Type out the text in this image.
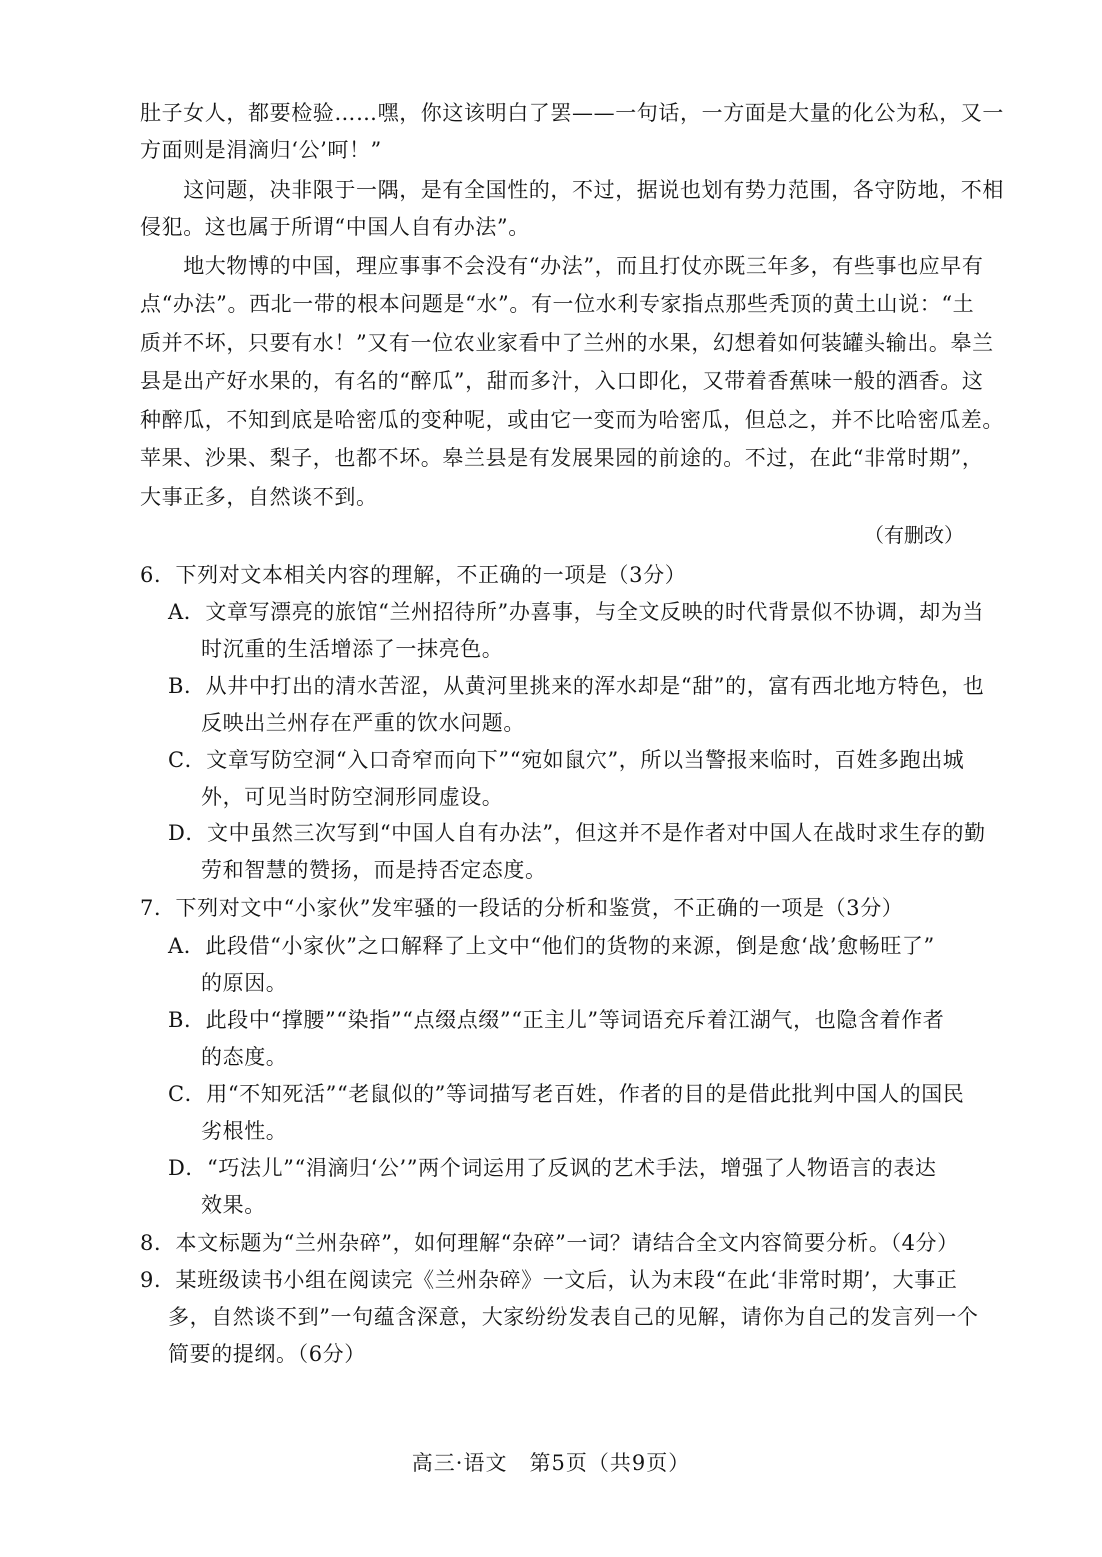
肚子女人，都要检验……嘿，你这该明白了罢——一句话，一方面是大量的化公为私，又一
方面则是涓滴归‘公’呵！”
　　这问题，决非限于一隅，是有全国性的，不过，据说也划有势力范围，各守防地，不相
侵犯。这也属于所谓“中国人自有办法”。
　　地大物博的中国，理应事事不会没有“办法”，而且打仗亦既三年多，有些事也应早有
点“办法”。西北一带的根本问题是“水”。有一位水利专家指点那些秃顶的黄土山说：“土
质并不坏，只要有水！”又有一位农业家看中了兰州的水果，幻想着如何装罐头输出。皋兰
县是出产好水果的，有名的“醉瓜”，甜而多汁，入口即化，又带着香蕉味一般的酒香。这
种醉瓜，不知到底是哈密瓜的变种呢，或由它一变而为哈密瓜，但总之，并不比哈密瓜差。
苹果、沙果、梨子，也都不坏。皋兰县是有发展果园的前途的。不过，在此“非常时期”，
大事正多，自然谈不到。
（有删改）
6．下列对文本相关内容的理解，不正确的一项是（3分）
A．文章写漂亮的旅馆“兰州招待所”办喜事，与全文反映的时代背景似不协调，却为当
时沉重的生活增添了一抹亮色。
B．从井中打出的清水苦涩，从黄河里挑来的浑水却是“甜”的，富有西北地方特色，也
反映出兰州存在严重的饮水问题。
C．文章写防空洞“入口奇窄而向下”“宛如鼠穴”，所以当警报来临时，百姓多跑出城
外，可见当时防空洞形同虚设。
D．文中虽然三次写到“中国人自有办法”，但这并不是作者对中国人在战时求生存的勤
劳和智慧的赞扬，而是持否定态度。
7．下列对文中“小家伙”发牢骚的一段话的分析和鉴赏，不正确的一项是（3分）
A．此段借“小家伙”之口解释了上文中“他们的货物的来源，倒是愈‘战’愈畅旺了”
的原因。
B．此段中“撑腰”“染指”“点缀点缀”“正主儿”等词语充斥着江湖气，也隐含着作者
的态度。
C．用“不知死活”“老鼠似的”等词描写老百姓，作者的目的是借此批判中国人的国民
劣根性。
D．“巧法儿”“涓滴归‘公’”两个词运用了反讽的艺术手法，增强了人物语言的表达
效果。
8．本文标题为“兰州杂碎”，如何理解“杂碎”一词？请结合全文内容简要分析。（4分）
9．某班级读书小组在阅读完《兰州杂碎》一文后，认为末段“在此‘非常时期’，大事正
多，自然谈不到”一句蕴含深意，大家纷纷发表自己的见解，请你为自己的发言列一个
简要的提纲。（6分）
高三·语文　第5页（共9页）
